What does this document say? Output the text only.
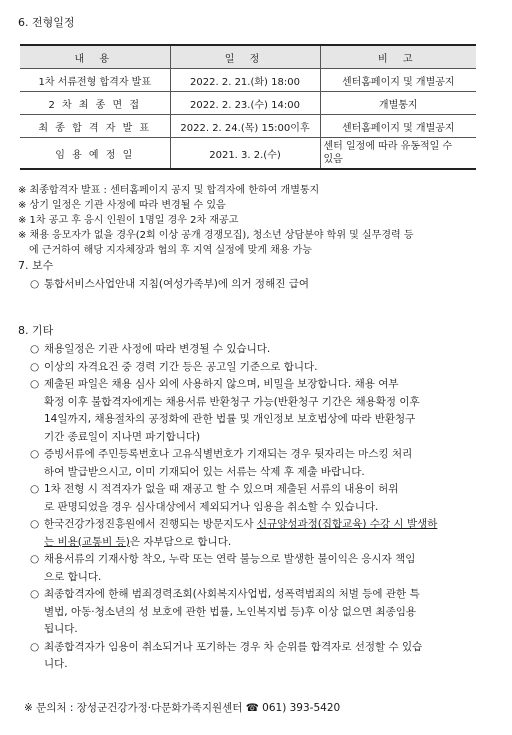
6. 전형일정
내 용	일 정	비 고
1차 서류전형 합격자 발표	2022. 2. 21.(화) 18:00	센터홈페이지 및 개별공지
2 차 최 종 면 접	2022. 2. 23.(수) 14:00	개별통지
최 종 합 격 자 발 표	2022. 2. 24.(목) 15:00이후	센터홈페이지 및 개별공지
임 용 예 정 일	2021. 3. 2.(수)	센터 일정에 따라 유동적일 수
있음
※ 최종합격자 발표 : 센터홈페이지 공지 및 합격자에 한하여 개별통지
※ 상기 일정은 기관 사정에 따라 변경될 수 있음
※ 1차 공고 후 응시 인원이 1명일 경우 2차 재공고
※ 채용 응모자가 없을 경우(2회 이상 공개 경쟁모집), 청소년 상담분야 학위 및 실무경력 등
에 근거하여 해당 지자체장과 협의 후 지역 실정에 맞게 채용 가능
7. 보수
○ 통합서비스사업안내 지침(여성가족부)에 의거 정해진 급여
8. 기타
○ 채용일정은 기관 사정에 따라 변경될 수 있습니다.
○ 이상의 자격요건 중 경력 기간 등은 공고일 기준으로 합니다.
○ 제출된 파일은 채용 심사 외에 사용하지 않으며, 비밀을 보장합니다. 채용 여부
확정 이후 불합격자에게는 채용서류 반환청구 가능(반환청구 기간은 채용확정 이후
14일까지, 채용절차의 공정화에 관한 법률 및 개인정보 보호법상에 따라 반환청구
기간 종료일이 지나면 파기합니다)
○ 증빙서류에 주민등록번호나 고유식별번호가 기재되는 경우 뒷자리는 마스킹 처리
하여 발급받으시고, 이미 기재되어 있는 서류는 삭제 후 제출 바랍니다.
○ 1차 전형 시 적격자가 없을 때 재공고 할 수 있으며 제출된 서류의 내용이 허위
로 판명되었을 경우 심사대상에서 제외되거나 임용을 취소할 수 있습니다.
○ 한국건강가정진흥원에서 진행되는 방문지도사 신규양성과정(집합교육) 수강 시 발생하
는 비용(교통비 등)은 자부담으로 합니다.
○ 채용서류의 기재사항 착오, 누락 또는 연락 불능으로 발생한 불이익은 응시자 책임
으로 합니다.
○ 최종합격자에 한해 범죄경력조회(사회복지사업법, 성폭력범죄의 처벌 등에 관한 특
별법, 아동·청소년의 성 보호에 관한 법률, 노인복지법 등)후 이상 없으면 최종임용
됩니다.
○ 최종합격자가 임용이 취소되거나 포기하는 경우 차 순위를 합격자로 선정할 수 있습
니다.
※ 문의처 : 장성군건강가정·다문화가족지원센터 ☎ 061) 393-5420
